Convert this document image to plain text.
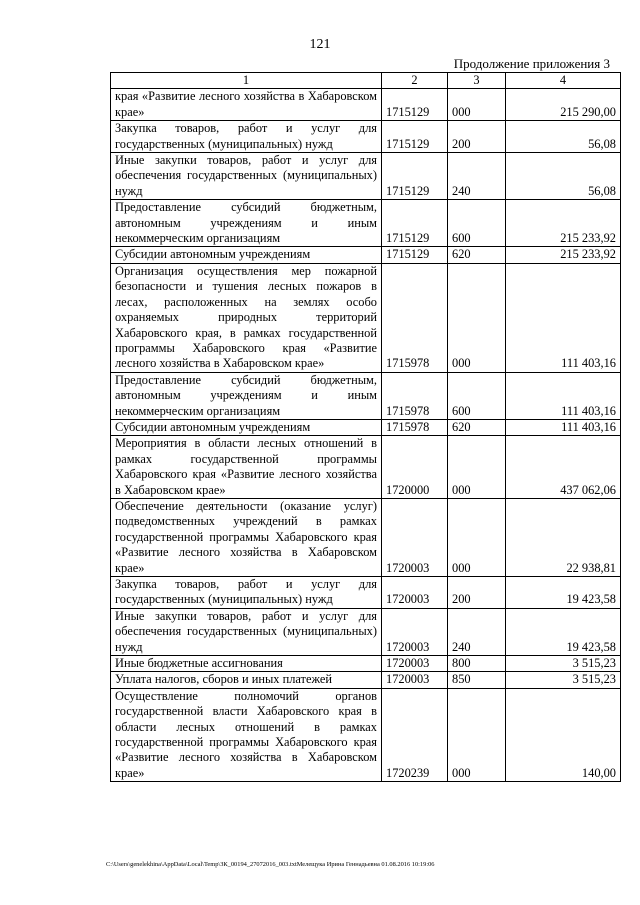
121
Продолжение приложения 3
1	2	3	4
края «Развитие лесного хозяйства в Хабаровском крае»	1715129	000	215 290,00
Закупка товаров, работ и услуг для государственных (муниципальных) нужд	1715129	200	56,08
Иные закупки товаров, работ и услуг для обеспечения государственных (муниципальных) нужд	1715129	240	56,08
Предоставление субсидий бюджетным, автономным учреждениям и иным некоммерческим организациям	1715129	600	215 233,92
Субсидии автономным учреждениям	1715129	620	215 233,92
Организация осуществления мер пожарной безопасности и тушения лесных пожаров в лесах, расположенных на землях особо охраняемых природных территорий Хабаровского края, в рамках государственной программы Хабаровского края «Развитие лесного хозяйства в Хабаровском крае»	1715978	000	111 403,16
Предоставление субсидий бюджетным, автономным учреждениям и иным некоммерческим организациям	1715978	600	111 403,16
Субсидии автономным учреждениям	1715978	620	111 403,16
Мероприятия в области лесных отношений в рамках государственной программы Хабаровского края «Развитие лесного хозяйства в Хабаровском крае»	1720000	000	437 062,06
Обеспечение деятельности (оказание услуг) подведомственных учреждений в рамках государственной программы Хабаровского края «Развитие лесного хозяйства в Хабаровском крае»	1720003	000	22 938,81
Закупка товаров, работ и услуг для государственных (муниципальных) нужд	1720003	200	19 423,58
Иные закупки товаров, работ и услуг для обеспечения государственных (муниципальных) нужд	1720003	240	19 423,58
Иные бюджетные ассигнования	1720003	800	3 515,23
Уплата налогов, сборов и иных платежей	1720003	850	3 515,23
Осуществление полномочий органов государственной власти Хабаровского края в области лесных отношений в рамках государственной программы Хабаровского края «Развитие лесного хозяйства в Хабаровском крае»	1720239	000	140,00
C:\Users\genelekhina\AppData\Local\Temp\ЗК_00194_27072016_003.txtМелещука Ирина Геннадьевна 01.08.2016 10:19:06
